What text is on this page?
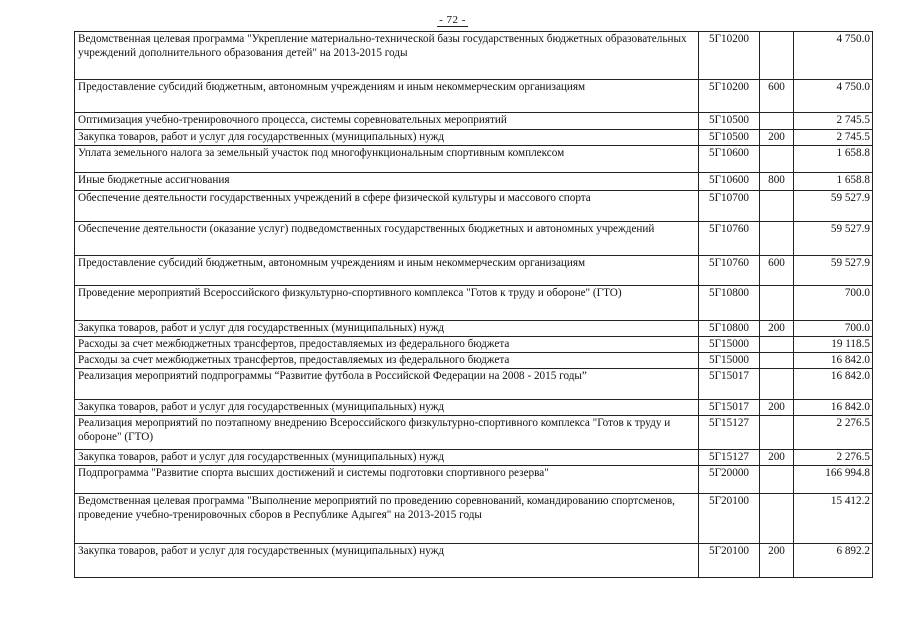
- 72 -
Ведомственная целевая программа "Укрепление материально-технической базы государственных бюджетных образовательных учреждений дополнительного образования детей" на 2013-2015 годы	5Г10200		4 750.0
Предоставление субсидий бюджетным, автономным учреждениям и иным некоммерческим организациям	5Г10200	600	4 750.0
Оптимизация учебно-тренировочного процесса, системы соревновательных мероприятий	5Г10500		2 745.5
Закупка товаров, работ и услуг для государственных (муниципальных) нужд	5Г10500	200	2 745.5
Уплата земельного налога за земельный участок под многофункциональным спортивным комплексом	5Г10600		1 658.8
Иные бюджетные ассигнования	5Г10600	800	1 658.8
Обеспечение деятельности государственных учреждений в сфере физической культуры и массового спорта	5Г10700		59 527.9
Обеспечение деятельности (оказание услуг) подведомственных государственных бюджетных и автономных учреждений	5Г10760		59 527.9
Предоставление субсидий бюджетным, автономным учреждениям и иным некоммерческим организациям	5Г10760	600	59 527.9
Проведение мероприятий Всероссийского физкультурно-спортивного комплекса "Готов к труду и обороне" (ГТО)	5Г10800		700.0
Закупка товаров, работ и услуг для государственных (муниципальных) нужд	5Г10800	200	700.0
Расходы за счет межбюджетных трансфертов, предоставляемых из федерального бюджета	5Г15000		19 118.5
Расходы за счет межбюджетных трансфертов, предоставляемых из федерального бюджета	5Г15000		16 842.0
Реализация мероприятий подпрограммы “Развитие футбола в Российской Федерации на 2008 - 2015 годы”	5Г15017		16 842.0
Закупка товаров, работ и услуг для государственных (муниципальных) нужд	5Г15017	200	16 842.0
Реализация мероприятий по поэтапному внедрению Всероссийского физкультурно-спортивного комплекса "Готов к труду и обороне" (ГТО)	5Г15127		2 276.5
Закупка товаров, работ и услуг для государственных (муниципальных) нужд	5Г15127	200	2 276.5
Подпрограмма "Развитие спорта высших достижений и системы подготовки спортивного резерва"	5Г20000		166 994.8
Ведомственная целевая программа "Выполнение мероприятий по проведению соревнований, командированию спортсменов, проведение учебно-тренировочных сборов в Республике Адыгея" на 2013-2015 годы	5Г20100		15 412.2
Закупка товаров, работ и услуг для государственных (муниципальных) нужд	5Г20100	200	6 892.2
